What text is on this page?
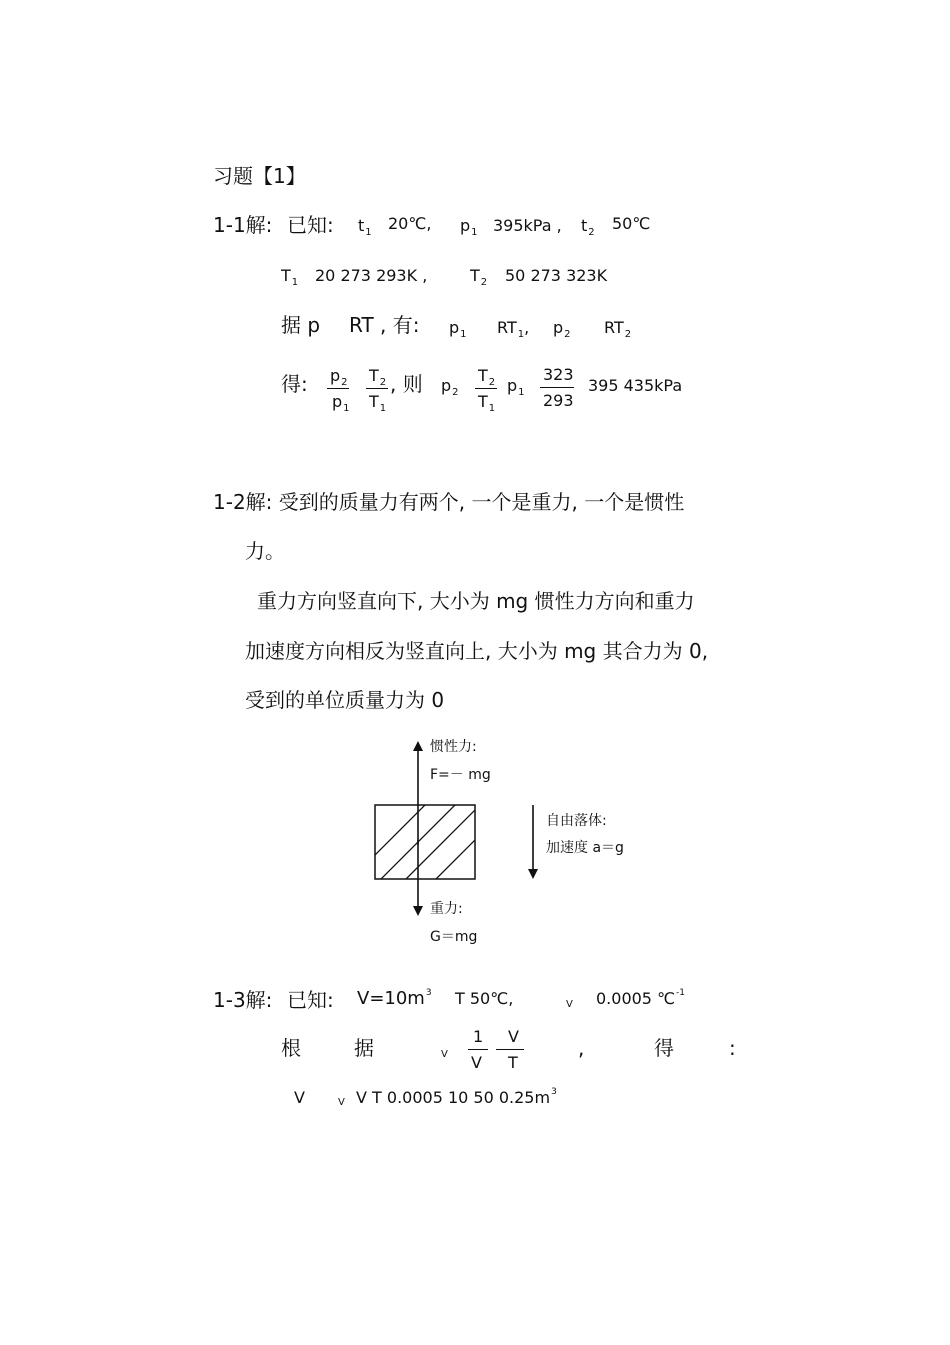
习题【1】
1-1解: 已知: $t_1$ 20℃, $p_1$ 395kPa , $t_2$ 50℃
$T_1$ 20 273 293K ,	$T_2$ 50 273 323K
据 p RT , 有: $p_1$ $RT_1$, $p_2$ $RT_2$
得: $p_2$
$p_1$
$T_2$
$T_1$
, 则 $p_2$
$T_2$
$T_1$
$p_1$
323
293
395 435kPa
1-2解: 受到的质量力有两个, 一个是重力, 一个是惯性
力。
重力方向竖直向下, 大小为 mg 惯性力方向和重力
加速度方向相反为竖直向上, 大小为 mg 其合力为 0,
受到的单位质量力为 0
惯性力:
F=－ mg
自由落体:
加速度 a＝g
重力:
G＝mg
1-3解: 已知: $V=10m^3$ T 50℃,	V 0.0005 ℃$^{-1}$
根	据	V
1
V
V
T
,	得	:
V	V V T 0.0005 10 50 $0.25m^3$
